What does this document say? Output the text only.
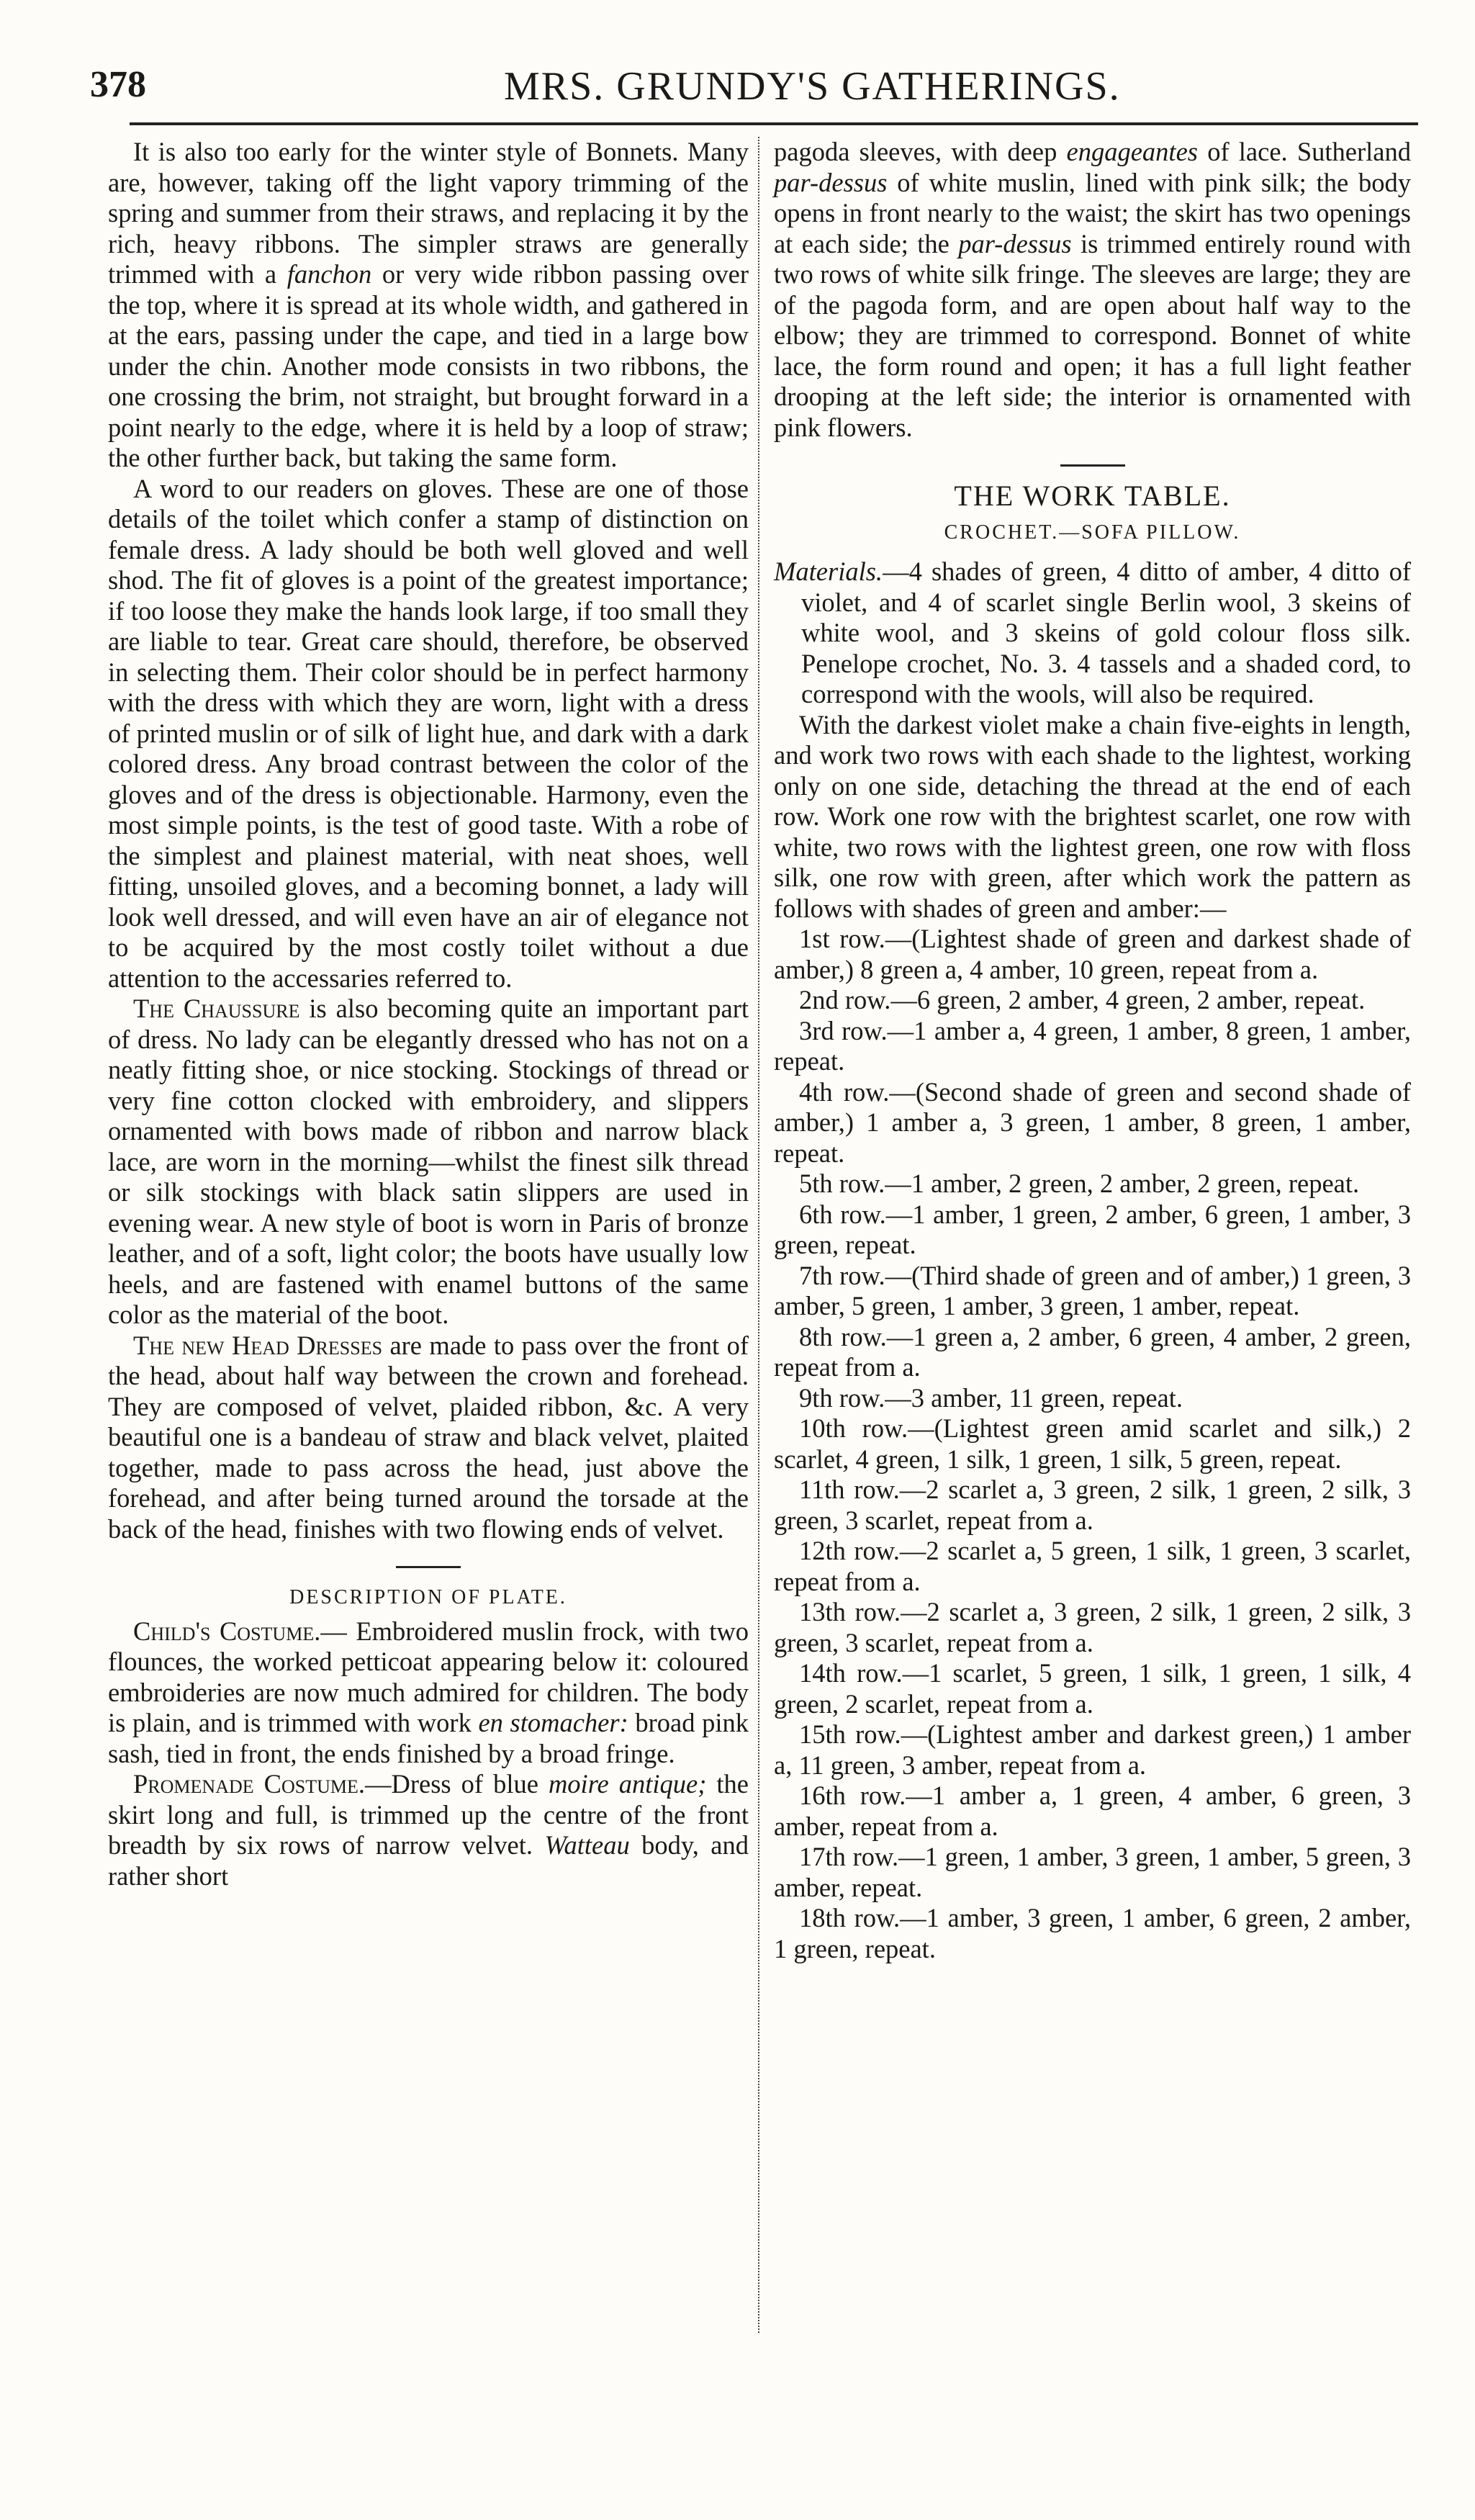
378	MRS. GRUNDY'S GATHERINGS.

It is also too early for the winter style of Bonnets. Many are, however, taking off the light vapory trimming of the spring and summer from their straws, and replacing it by the rich, heavy ribbons. The simpler straws are generally trimmed with a fanchon or very wide ribbon passing over the top, where it is spread at its whole width, and gathered in at the ears, passing under the cape, and tied in a large bow under the chin. Another mode consists in two ribbons, the one crossing the brim, not straight, but brought forward in a point nearly to the edge, where it is held by a loop of straw; the other further back, but taking the same form.

A word to our readers on gloves. These are one of those details of the toilet which confer a stamp of distinction on female dress. A lady should be both well gloved and well shod. The fit of gloves is a point of the greatest importance; if too loose they make the hands look large, if too small they are liable to tear. Great care should, therefore, be observed in selecting them. Their color should be in perfect harmony with the dress with which they are worn, light with a dress of printed muslin or of silk of light hue, and dark with a dark colored dress. Any broad contrast between the color of the gloves and of the dress is objectionable. Harmony, even the most simple points, is the test of good taste. With a robe of the simplest and plainest material, with neat shoes, well fitting, unsoiled gloves, and a becoming bonnet, a lady will look well dressed, and will even have an air of elegance not to be acquired by the most costly toilet without a due attention to the accessaries referred to.

The Chaussure is also becoming quite an important part of dress. No lady can be elegantly dressed who has not on a neatly fitting shoe, or nice stocking. Stockings of thread or very fine cotton clocked with embroidery, and slippers ornamented with bows made of ribbon and narrow black lace, are worn in the morning—whilst the finest silk thread or silk stockings with black satin slippers are used in evening wear. A new style of boot is worn in Paris of bronze leather, and of a soft, light color; the boots have usually low heels, and are fastened with enamel buttons of the same color as the material of the boot.

The new Head Dresses are made to pass over the front of the head, about half way between the crown and forehead. They are composed of velvet, plaided ribbon, &c. A very beautiful one is a bandeau of straw and black velvet, plaited together, made to pass across the head, just above the forehead, and after being turned around the torsade at the back of the head, finishes with two flowing ends of velvet.

DESCRIPTION OF PLATE.

Child's Costume.— Embroidered muslin frock, with two flounces, the worked petticoat appearing below it: coloured embroideries are now much admired for children. The body is plain, and is trimmed with work en stomacher: broad pink sash, tied in front, the ends finished by a broad fringe.

Promenade Costume.—Dress of blue moire antique; the skirt long and full, is trimmed up the centre of the front breadth by six rows of narrow velvet. Watteau body, and rather short

pagoda sleeves, with deep engageantes of lace. Sutherland par-dessus of white muslin, lined with pink silk; the body opens in front nearly to the waist; the skirt has two openings at each side; the par-dessus is trimmed entirely round with two rows of white silk fringe. The sleeves are large; they are of the pagoda form, and are open about half way to the elbow; they are trimmed to correspond. Bonnet of white lace, the form round and open; it has a full light feather drooping at the left side; the interior is ornamented with pink flowers.

THE WORK TABLE.
CROCHET.—SOFA PILLOW.

Materials.—4 shades of green, 4 ditto of amber, 4 ditto of violet, and 4 of scarlet single Berlin wool, 3 skeins of white wool, and 3 skeins of gold colour floss silk. Penelope crochet, No. 3. 4 tassels and a shaded cord, to correspond with the wools, will also be required.

With the darkest violet make a chain five-eights in length, and work two rows with each shade to the lightest, working only on one side, detaching the thread at the end of each row. Work one row with the brightest scarlet, one row with white, two rows with the lightest green, one row with floss silk, one row with green, after which work the pattern as follows with shades of green and amber:—

1st row.—(Lightest shade of green and darkest shade of amber,) 8 green a, 4 amber, 10 green, repeat from a.

2nd row.—6 green, 2 amber, 4 green, 2 amber, repeat.

3rd row.—1 amber a, 4 green, 1 amber, 8 green, 1 amber, repeat.

4th row.—(Second shade of green and second shade of amber,) 1 amber a, 3 green, 1 amber, 8 green, 1 amber, repeat.

5th row.—1 amber, 2 green, 2 amber, 2 green, repeat.

6th row.—1 amber, 1 green, 2 amber, 6 green, 1 amber, 3 green, repeat.

7th row.—(Third shade of green and of amber,) 1 green, 3 amber, 5 green, 1 amber, 3 green, 1 amber, repeat.

8th row.—1 green a, 2 amber, 6 green, 4 amber, 2 green, repeat from a.

9th row.—3 amber, 11 green, repeat.

10th row.—(Lightest green amid scarlet and silk,) 2 scarlet, 4 green, 1 silk, 1 green, 1 silk, 5 green, repeat.

11th row.—2 scarlet a, 3 green, 2 silk, 1 green, 2 silk, 3 green, 3 scarlet, repeat from a.

12th row.—2 scarlet a, 5 green, 1 silk, 1 green, 3 scarlet, repeat from a.

13th row.—2 scarlet a, 3 green, 2 silk, 1 green, 2 silk, 3 green, 3 scarlet, repeat from a.

14th row.—1 scarlet, 5 green, 1 silk, 1 green, 1 silk, 4 green, 2 scarlet, repeat from a.

15th row.—(Lightest amber and darkest green,) 1 amber a, 11 green, 3 amber, repeat from a.

16th row.—1 amber a, 1 green, 4 amber, 6 green, 3 amber, repeat from a.

17th row.—1 green, 1 amber, 3 green, 1 amber, 5 green, 3 amber, repeat.

18th row.—1 amber, 3 green, 1 amber, 6 green, 2 amber, 1 green, repeat.
